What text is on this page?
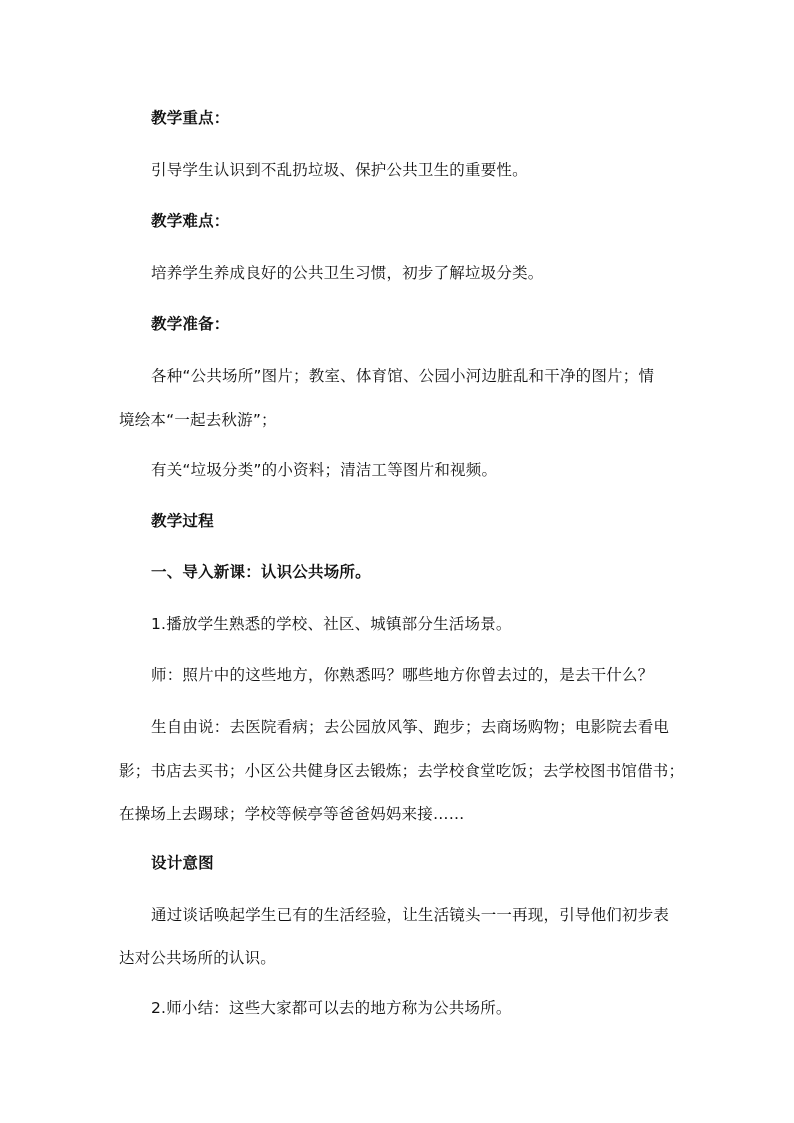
教学重点：
引导学生认识到不乱扔垃圾、保护公共卫生的重要性。
教学难点：
培养学生养成良好的公共卫生习惯，初步了解垃圾分类。
教学准备：
各种“公共场所”图片；教室、体育馆、公园小河边脏乱和干净的图片；情
境绘本“一起去秋游”；
有关“垃圾分类”的小资料；清洁工等图片和视频。
教学过程
一、导入新课：认识公共场所。
1.播放学生熟悉的学校、社区、城镇部分生活场景。
师：照片中的这些地方，你熟悉吗？哪些地方你曾去过的，是去干什么？
生自由说：去医院看病；去公园放风筝、跑步；去商场购物；电影院去看电
影；书店去买书；小区公共健身区去锻炼；去学校食堂吃饭；去学校图书馆借书；
在操场上去踢球；学校等候亭等爸爸妈妈来接……
设计意图
通过谈话唤起学生已有的生活经验，让生活镜头一一再现，引导他们初步表
达对公共场所的认识。
2.师小结：这些大家都可以去的地方称为公共场所。
